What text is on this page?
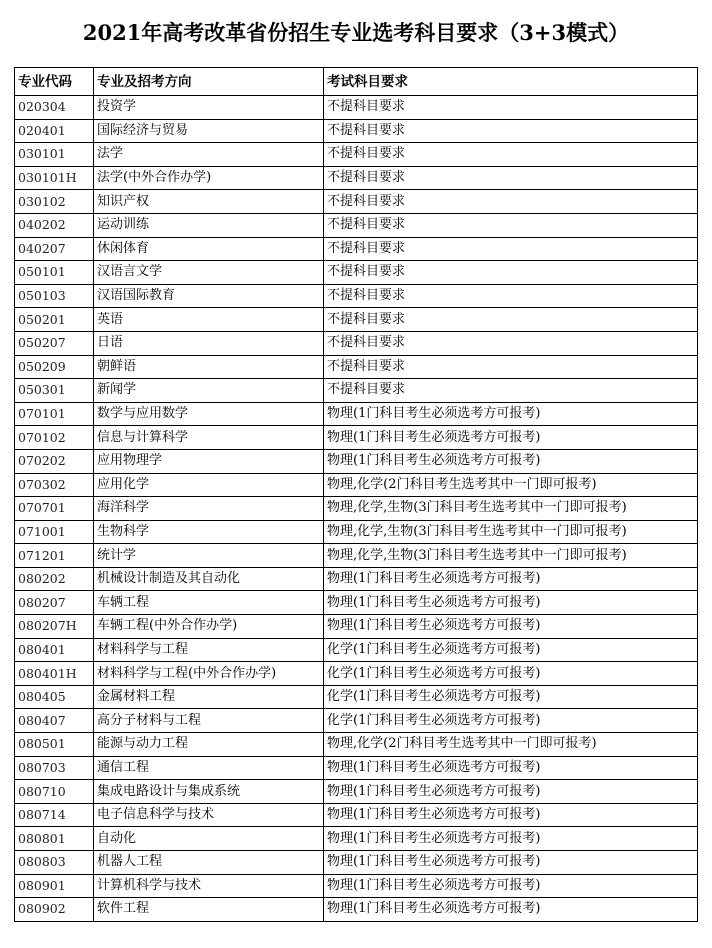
2021年高考改革省份招生专业选考科目要求（3+3模式）
专业代码	专业及招考方向	考试科目要求
020304	投资学	不提科目要求
020401	国际经济与贸易	不提科目要求
030101	法学	不提科目要求
030101H	法学(中外合作办学)	不提科目要求
030102	知识产权	不提科目要求
040202	运动训练	不提科目要求
040207	休闲体育	不提科目要求
050101	汉语言文学	不提科目要求
050103	汉语国际教育	不提科目要求
050201	英语	不提科目要求
050207	日语	不提科目要求
050209	朝鲜语	不提科目要求
050301	新闻学	不提科目要求
070101	数学与应用数学	物理(1门科目考生必须选考方可报考)
070102	信息与计算科学	物理(1门科目考生必须选考方可报考)
070202	应用物理学	物理(1门科目考生必须选考方可报考)
070302	应用化学	物理,化学(2门科目考生选考其中一门即可报考)
070701	海洋科学	物理,化学,生物(3门科目考生选考其中一门即可报考)
071001	生物科学	物理,化学,生物(3门科目考生选考其中一门即可报考)
071201	统计学	物理,化学,生物(3门科目考生选考其中一门即可报考)
080202	机械设计制造及其自动化	物理(1门科目考生必须选考方可报考)
080207	车辆工程	物理(1门科目考生必须选考方可报考)
080207H	车辆工程(中外合作办学)	物理(1门科目考生必须选考方可报考)
080401	材料科学与工程	化学(1门科目考生必须选考方可报考)
080401H	材料科学与工程(中外合作办学)	化学(1门科目考生必须选考方可报考)
080405	金属材料工程	化学(1门科目考生必须选考方可报考)
080407	高分子材料与工程	化学(1门科目考生必须选考方可报考)
080501	能源与动力工程	物理,化学(2门科目考生选考其中一门即可报考)
080703	通信工程	物理(1门科目考生必须选考方可报考)
080710	集成电路设计与集成系统	物理(1门科目考生必须选考方可报考)
080714	电子信息科学与技术	物理(1门科目考生必须选考方可报考)
080801	自动化	物理(1门科目考生必须选考方可报考)
080803	机器人工程	物理(1门科目考生必须选考方可报考)
080901	计算机科学与技术	物理(1门科目考生必须选考方可报考)
080902	软件工程	物理(1门科目考生必须选考方可报考)
